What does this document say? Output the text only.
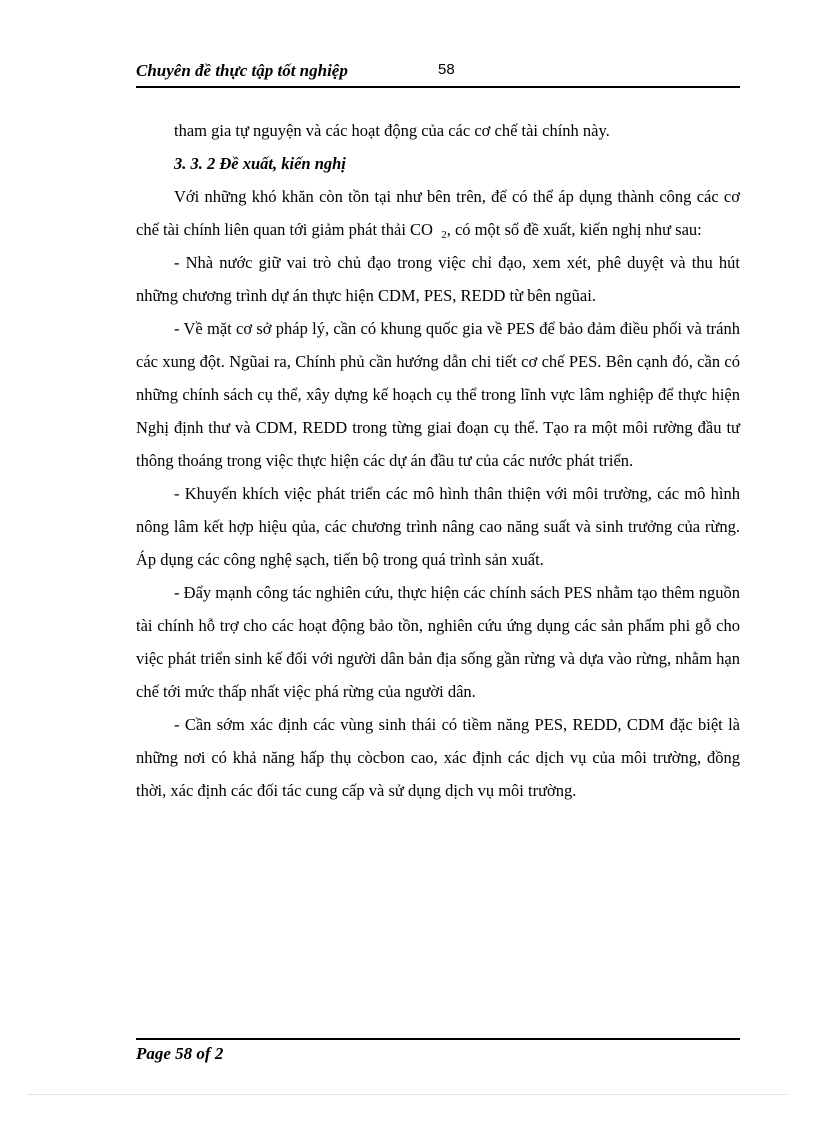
Chuyên đề thực tập tốt nghiệp	58

tham gia tự nguyện và các hoạt động của các cơ chế tài chính này.

3. 3. 2 Đề xuất, kiến nghị

Với những khó khăn còn tồn tại như bên trên, để có thể áp dụng thành công các cơ chế tài chính liên quan tới giảm phát thải CO $_2$, có một số đề xuất, kiến nghị như sau:

- Nhà nước giữ vai trò chủ đạo trong việc chỉ đạo, xem xét, phê duyệt và thu hút những chương trình dự án thực hiện CDM, PES, REDD từ bên ngũai.

- Về mặt cơ sở pháp lý, cần có khung quốc gia về PES để bảo đảm điều phối và tránh các xung đột. Ngũai ra, Chính phủ cần hướng dẫn chi tiết cơ chế PES. Bên cạnh đó, cần có những chính sách cụ thể, xây dựng kế hoạch cụ thể trong lĩnh vực lâm nghiệp để thực hiện Nghị định thư và CDM, REDD trong từng giai đoạn cụ thể. Tạo ra một môi rường đầu tư thông thoáng trong việc thực hiện các dự án đầu tư của các nước phát triển.

- Khuyến khích việc phát triển các mô hình thân thiện với môi trường, các mô hình nông lâm kết hợp hiệu qủa, các chương trình nâng cao năng suất và sinh trưởng của rừng. Áp dụng các công nghệ sạch, tiến bộ trong quá trình sản xuất.

- Đẩy mạnh công tác nghiên cứu, thực hiện các chính sách PES nhằm tạo thêm nguồn tài chính hỗ trợ cho các hoạt động bảo tồn, nghiên cứu ứng dụng các sản phẩm phi gỗ cho việc phát triển sinh kế đối với người dân bản địa sống gần rừng và dựa vào rừng, nhằm hạn chế tới mức thấp nhất việc phá rừng của người dân.

- Cần sớm xác định các vùng sinh thái có tiềm năng PES, REDD, CDM đặc biệt là những nơi có khả năng hấp thụ còcbon cao, xác định các dịch vụ của môi trường, đồng thời, xác định các đối tác cung cấp và sử dụng dịch vụ môi trường.

Page 58 of 2
